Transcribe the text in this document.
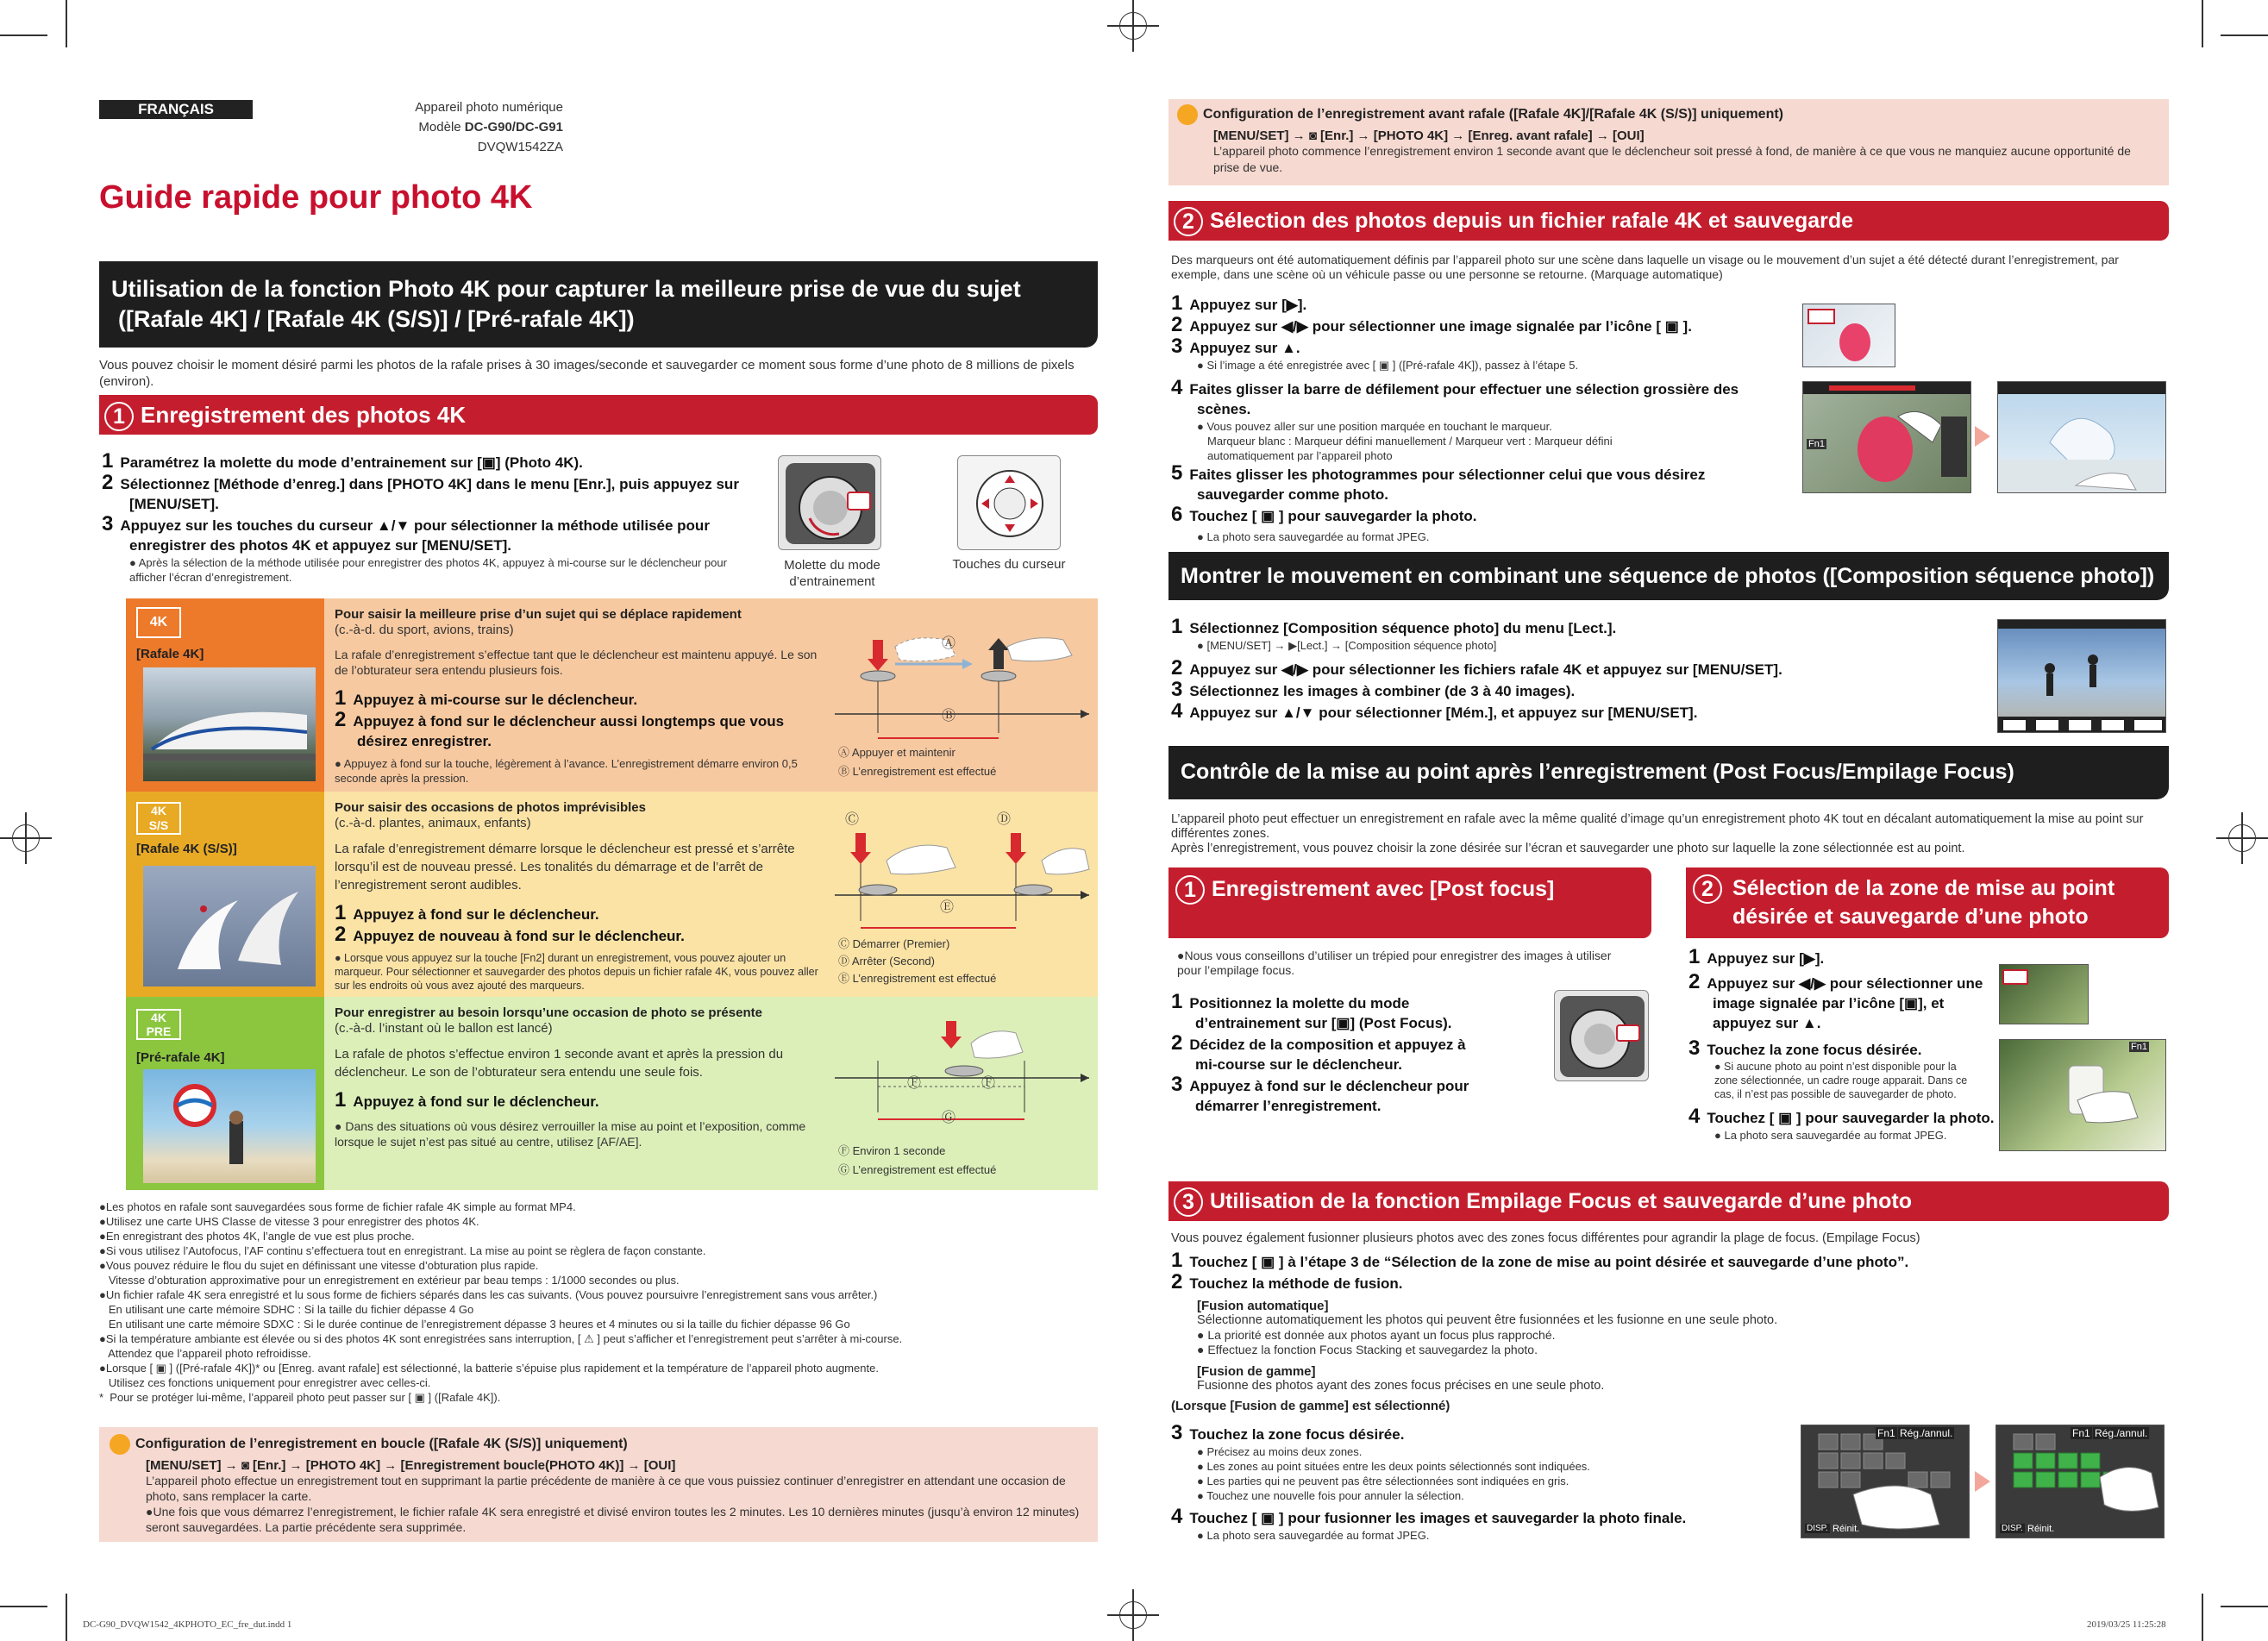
FRANÇAIS	Appareil photo numérique
Modèle DC-G90/DC-G91
DVQW1542ZA
Guide rapide pour photo 4K
Utilisation de la fonction Photo 4K pour capturer la meilleure prise de vue du sujet
([Rafale 4K] / [Rafale 4K (S/S)] / [Pré-rafale 4K])
Vous pouvez choisir le moment désiré parmi les photos de la rafale prises à 30 images/seconde et sauvegarder ce moment sous forme d’une photo de 8 millions de pixels (environ).
1 Enregistrement des photos 4K
1 Paramétrez la molette du mode d’entrainement sur [▣] (Photo 4K).
2 Sélectionnez [Méthode d’enreg.] dans [PHOTO 4K] dans le menu [Enr.], puis appuyez sur [MENU/SET].
3 Appuyez sur les touches du curseur ▲/▼ pour sélectionner la méthode utilisée pour enregistrer des photos 4K et appuyez sur [MENU/SET].
● Après la sélection de la méthode utilisée pour enregistrer des photos 4K, appuyez à mi-course sur le déclencheur pour afficher l’écran d’enregistrement.
Molette du mode d’entrainement
Touches du curseur
4K
[Rafale 4K]
Pour saisir la meilleure prise d’un sujet qui se déplace rapidement
(c.-à-d. du sport, avions, trains)
La rafale d’enregistrement s’effectue tant que le déclencheur est maintenu appuyé. Le son de l’obturateur sera entendu plusieurs fois.
1 Appuyez à mi-course sur le déclencheur.
2 Appuyez à fond sur le déclencheur aussi longtemps que vous désirez enregistrer.
● Appuyez à fond sur la touche, légèrement à l’avance. L’enregistrement démarre environ 0,5 seconde après la pression.
Ⓐ
Ⓑ
Ⓐ Appuyer et maintenir
Ⓑ L’enregistrement est effectué
4K
S/S
[Rafale 4K (S/S)]
Pour saisir des occasions de photos imprévisibles
(c.-à-d. plantes, animaux, enfants)
La rafale d’enregistrement démarre lorsque le déclencheur est pressé et s’arrête lorsqu’il est de nouveau pressé. Les tonalités du démarrage et de l’arrêt de l’enregistrement seront audibles.
1 Appuyez à fond sur le déclencheur.
2 Appuyez de nouveau à fond sur le déclencheur.
● Lorsque vous appuyez sur la touche [Fn2] durant un enregistrement, vous pouvez ajouter un marqueur. Pour sélectionner et sauvegarder des photos depuis un fichier rafale 4K, vous pouvez aller sur les endroits où vous avez ajouté des marqueurs.
Ⓒ	Ⓓ
Ⓔ
Ⓒ Démarrer (Premier)
Ⓓ Arrêter (Second)
Ⓔ L’enregistrement est effectué
4K
PRE
[Pré-rafale 4K]
Pour enregistrer au besoin lorsqu’une occasion de photo se présente
(c.-à-d. l’instant où le ballon est lancé)
La rafale de photos s’effectue environ 1 seconde avant et après la pression du déclencheur. Le son de l’obturateur sera entendu une seule fois.
1 Appuyez à fond sur le déclencheur.
● Dans des situations où vous désirez verrouiller la mise au point et l’exposition, comme lorsque le sujet n’est pas situé au centre, utilisez [AF/AE].
Ⓕ	Ⓕ
Ⓖ
Ⓕ Environ 1 seconde
Ⓖ L’enregistrement est effectué
●Les photos en rafale sont sauvegardées sous forme de fichier rafale 4K simple au format MP4.
●Utilisez une carte UHS Classe de vitesse 3 pour enregistrer des photos 4K.
●En enregistrant des photos 4K, l’angle de vue est plus proche.
●Si vous utilisez l’Autofocus, l’AF continu s’effectuera tout en enregistrant. La mise au point se règlera de façon constante.
●Vous pouvez réduire le flou du sujet en définissant une vitesse d’obturation plus rapide.
Vitesse d’obturation approximative pour un enregistrement en extérieur par beau temps : 1/1000 secondes ou plus.
●Un fichier rafale 4K sera enregistré et lu sous forme de fichiers séparés dans les cas suivants. (Vous pouvez poursuivre l’enregistrement sans vous arrêter.)
En utilisant une carte mémoire SDHC : Si la taille du fichier dépasse 4 Go
En utilisant une carte mémoire SDXC : Si le durée continue de l’enregistrement dépasse 3 heures et 4 minutes ou si la taille du fichier dépasse 96 Go
●Si la température ambiante est élevée ou si des photos 4K sont enregistrées sans interruption, [ ⚠ ] peut s’afficher et l’enregistrement peut s’arrêter à mi-course.
Attendez que l’appareil photo refroidisse.
●Lorsque [ ▣ ] ([Pré-rafale 4K])* ou [Enreg. avant rafale] est sélectionné, la batterie s’épuise plus rapidement et la température de l’appareil photo augmente.
Utilisez ces fonctions uniquement pour enregistrer avec celles-ci.
*  Pour se protéger lui-même, l’appareil photo peut passer sur [ ▣ ] ([Rafale 4K]).
Configuration de l’enregistrement en boucle ([Rafale 4K (S/S)] uniquement)
[MENU/SET] → ◙ [Enr.] → [PHOTO 4K] → [Enregistrement boucle(PHOTO 4K)] → [OUI]
L’appareil photo effectue un enregistrement tout en supprimant la partie précédente de manière à ce que vous puissiez continuer d’enregistrer en attendant une occasion de photo, sans remplacer la carte.
●Une fois que vous démarrez l’enregistrement, le fichier rafale 4K sera enregistré et divisé environ toutes les 2 minutes. Les 10 dernières minutes (jusqu’à environ 12 minutes) seront sauvegardées. La partie précédente sera supprimée.
Configuration de l’enregistrement avant rafale ([Rafale 4K]/[Rafale 4K (S/S)] uniquement)
[MENU/SET] → ◙ [Enr.] → [PHOTO 4K] → [Enreg. avant rafale] → [OUI]
L’appareil photo commence l’enregistrement environ 1 seconde avant que le déclencheur soit pressé à fond, de manière à ce que vous ne manquiez aucune opportunité de prise de vue.
2 Sélection des photos depuis un fichier rafale 4K et sauvegarde
Des marqueurs ont été automatiquement définis par l’appareil photo sur une scène dans laquelle un visage ou le mouvement d’un sujet a été détecté durant l’enregistrement, par exemple, dans une scène où un véhicule passe ou une personne se retourne. (Marquage automatique)
1 Appuyez sur [▶].
2 Appuyez sur ◀/▶ pour sélectionner une image signalée par l’icône [ ▣ ].
3 Appuyez sur ▲.
● Si l’image a été enregistrée avec [ ▣ ] ([Pré-rafale 4K]), passez à l’étape 5.
4 Faites glisser la barre de défilement pour effectuer une sélection grossière des scènes.
● Vous pouvez aller sur une position marquée en touchant le marqueur.
Marqueur blanc : Marqueur défini manuellement / Marqueur vert : Marqueur défini automatiquement par l’appareil photo
5 Faites glisser les photogrammes pour sélectionner celui que vous désirez sauvegarder comme photo.
6 Touchez [ ▣ ] pour sauvegarder la photo.
● La photo sera sauvegardée au format JPEG.
Fn1
Montrer le mouvement en combinant une séquence de photos ([Composition séquence photo])
1 Sélectionnez [Composition séquence photo] du menu [Lect.].
● [MENU/SET] → ▶[Lect.] → [Composition séquence photo]
2 Appuyez sur ◀/▶ pour sélectionner les fichiers rafale 4K et appuyez sur [MENU/SET].
3 Sélectionnez les images à combiner (de 3 à 40 images).
4 Appuyez sur ▲/▼ pour sélectionner [Mém.], et appuyez sur [MENU/SET].
Contrôle de la mise au point après l’enregistrement (Post Focus/Empilage Focus)
L’appareil photo peut effectuer un enregistrement en rafale avec la même qualité d’image qu’un enregistrement photo 4K tout en décalant automatiquement la mise au point sur différentes zones.
Après l’enregistrement, vous pouvez choisir la zone désirée sur l’écran et sauvegarder une photo sur laquelle la zone sélectionnée est au point.
1 Enregistrement avec [Post focus]
●Nous vous conseillons d’utiliser un trépied pour enregistrer des images à utiliser pour l’empilage focus.
1 Positionnez la molette du mode d’entrainement sur [▣] (Post Focus).
2 Décidez de la composition et appuyez à mi-course sur le déclencheur.
3 Appuyez à fond sur le déclencheur pour démarrer l’enregistrement.
2 Sélection de la zone de mise au point
désirée et sauvegarde d’une photo
1 Appuyez sur [▶].
2 Appuyez sur ◀/▶ pour sélectionner une image signalée par l’icône [▣], et appuyez sur ▲.
3 Touchez la zone focus désirée.
● Si aucune photo au point n’est disponible pour la zone sélectionnée, un cadre rouge apparait. Dans ce cas, il n’est pas possible de sauvegarder de photo.
4 Touchez [ ▣ ] pour sauvegarder la photo.
● La photo sera sauvegardée au format JPEG.
Fn1
3 Utilisation de la fonction Empilage Focus et sauvegarde d’une photo
Vous pouvez également fusionner plusieurs photos avec des zones focus différentes pour agrandir la plage de focus. (Empilage Focus)
1 Touchez [ ▣ ] à l’étape 3 de “Sélection de la zone de mise au point désirée et sauvegarde d’une photo”.
2 Touchez la méthode de fusion.
[Fusion automatique]
Sélectionne automatiquement les photos qui peuvent être fusionnées et les fusionne en une seule photo.
● La priorité est donnée aux photos ayant un focus plus rapproché.
● Effectuez la fonction Focus Stacking et sauvegardez la photo.
[Fusion de gamme]
Fusionne des photos ayant des zones focus précises en une seule photo.
(Lorsque [Fusion de gamme] est sélectionné)
3 Touchez la zone focus désirée.
● Précisez au moins deux zones.
● Les zones au point situées entre les deux points sélectionnés sont indiquées.
● Les parties qui ne peuvent pas être sélectionnées sont indiquées en gris.
● Touchez une nouvelle fois pour annuler la sélection.
4 Touchez [ ▣ ] pour fusionner les images et sauvegarder la photo finale.
● La photo sera sauvegardée au format JPEG.
Fn1 Rég./annul.
DISP. Réinit.
Fn1 Rég./annul.
DISP. Réinit.
DC-G90_DVQW1542_4KPHOTO_EC_fre_dut.indd 1	2019/03/25 11:25:28
